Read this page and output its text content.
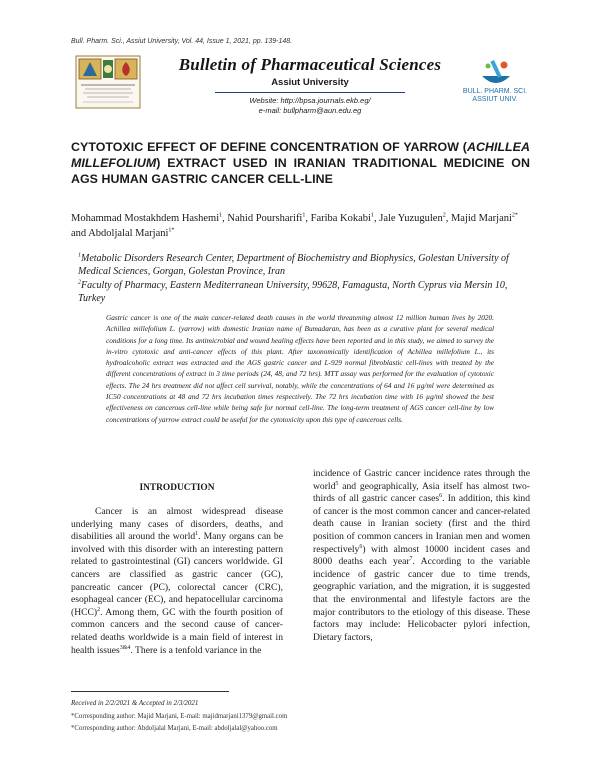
Bull. Pharm. Sci., Assiut University, Vol. 44, Issue 1, 2021, pp. 139-148.
Bulletin of Pharmaceutical Sciences
Assiut University
Website: http://bpsa.journals.ekb.eg/
e-mail: bullpharm@aun.edu.eg
BULL. PHARM. SCI.
ASSIUT UNIV.
CYTOTOXIC EFFECT OF DEFINE CONCENTRATION OF YARROW (ACHILLEA MILLEFOLIUM) EXTRACT USED IN IRANIAN TRADITIONAL MEDICINE ON AGS HUMAN GASTRIC CANCER CELL-LINE
Mohammad Mostakhdem Hashemi$^1$, Nahid Poursharifi$^1$, Fariba Kokabi$^1$, Jale Yuzugulen$^2$, Majid Marjani$^{2*}$ and Abdoljalal Marjani$^{1*}$
$^1$Metabolic Disorders Research Center, Department of Biochemistry and Biophysics, Golestan University of Medical Sciences, Gorgan, Golestan Province, Iran
$^2$Faculty of Pharmacy, Eastern Mediterranean University, 99628, Famagusta, North Cyprus via Mersin 10, Turkey
Gastric cancer is one of the main cancer-related death causes in the world threatening almost 12 million human lives by 2020. Achillea millefolium L. (yarrow) with domestic Iranian name of Bumadaran, has been as a curative plant for several medical conditions for a long time. Its antimicrobial and wound healing effects have been reported and in this study, we aimed to survey the in-vitro cytotoxic and anti-cancer effects of this plant. After taxonomically identification of Achillea millefolium L., its hydroalcoholic extract was extracted and the AGS gastric cancer and L-929 normal fibroblastic cell-lines with treated by the different concentrations of extract in 3 time periods (24, 48, and 72 hrs). MTT assay was performed for the evaluation of cytotoxic effects. The 24 hrs treatment did not affect cell survival, notably, while the concentrations of 64 and 16 µg/ml were determined as IC50 concentrations at 48 and 72 hrs incubation times respectively. The 72 hrs incubation time with 16 µg/ml showed the best effectiveness on cancerous cell-line while being safe for normal cell-line. The long-term treatment of AGS cancer cell-line by low concentrations of yarrow extract could be useful for the cytotoxicity upon this type of cancerous cells.
INTRODUCTION
Cancer is an almost widespread disease underlying many cases of disorders, deaths, and disabilities all around the world$^1$. Many organs can be involved with this disorder with an interesting pattern related to gastrointestinal (GI) cancers worldwide. GI cancers are classified as gastric cancer (GC), pancreatic cancer (PC), colorectal cancer (CRC), esophageal cancer (EC), and hepatocellular carcinoma (HCC)$^2$. Among them, GC with the fourth position of common cancers and the second cause of cancer-related deaths worldwide is a main field of interest in health issues$^{3\&4}$. There is a tenfold variance in the
incidence of Gastric cancer incidence rates through the world$^5$ and geographically, Asia itself has almost two-thirds of all gastric cancer cases$^6$. In addition, this kind of cancer is the most common cancer and cancer-related death cause in Iranian society (first and the third position of common cancers in Iranian men and women respectively$^6$) with almost 10000 incident cases and 8000 deaths each year$^7$. According to the variable incidence of gastric cancer due to time trends, geographic variation, and the migration, it is suggested that the environmental and lifestyle factors are the major contributors to the etiology of this disease. These factors may include: Helicobacter pylori infection, Dietary factors,
Received in 2/2/2021 & Accepted in 2/3/2021
*Corresponding author: Majid Marjani, E-mail: majidmarjani1379@gmail.com
*Corresponding author: Abdoljalal Marjani, E-mail: abdoljalal@yahoo.com
